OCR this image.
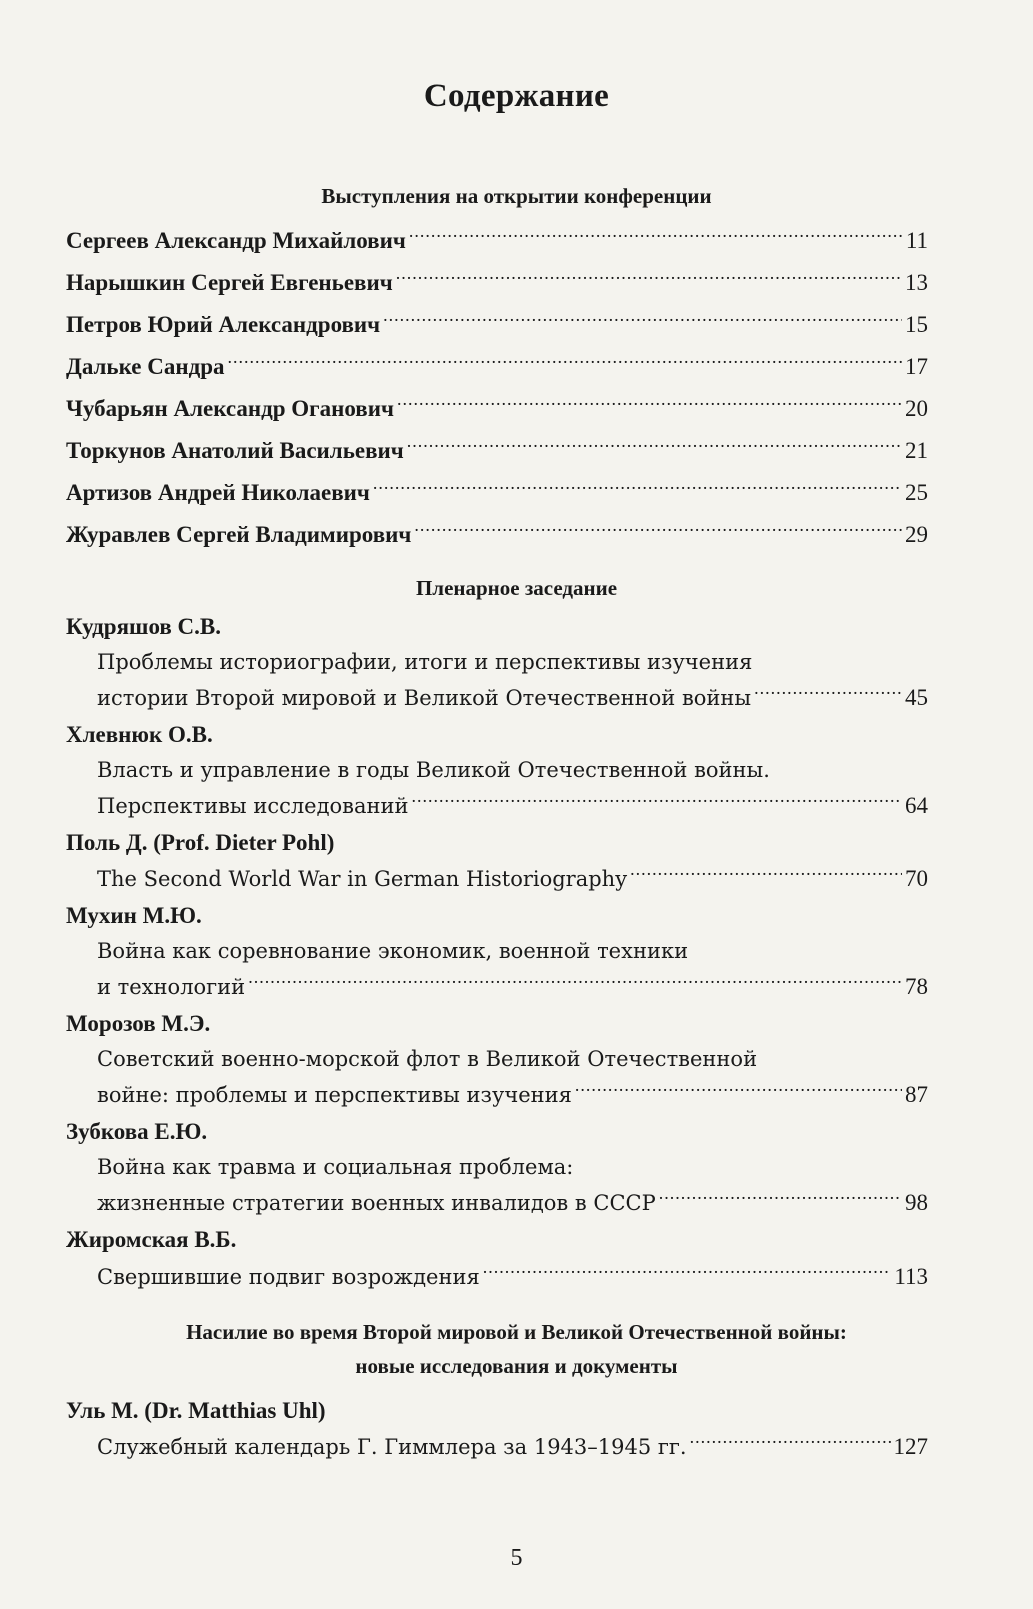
Содержание
Выступления на открытии конференции
Сергеев Александр Михайлович .....	11
Нарышкин Сергей Евгеньевич .....	13
Петров Юрий Александрович .....	15
Дальке Сандра .....	17
Чубарьян Александр Оганович .....	20
Торкунов Анатолий Васильевич .....	21
Артизов Андрей Николаевич .....	25
Журавлев Сергей Владимирович .....	29
Пленарное заседание
Кудряшов С.В.
Проблемы историографии, итоги и перспективы изучения
истории Второй мировой и Великой Отечественной войны .....	45
Хлевнюк О.В.
Власть и управление в годы Великой Отечественной войны.
Перспективы исследований .....	64
Поль Д. (Prof. Dieter Pohl)
The Second World War in German Historiography .....	70
Мухин М.Ю.
Война как соревнование экономик, военной техники
и технологий .....	78
Морозов М.Э.
Советский военно-морской флот в Великой Отечественной
войне: проблемы и перспективы изучения .....	87
Зубкова Е.Ю.
Война как травма и социальная проблема:
жизненные стратегии военных инвалидов в СССР .....	98
Жиромская В.Б.
Свершившие подвиг возрождения .....	113
Насилие во время Второй мировой и Великой Отечественной войны:
новые исследования и документы
Уль М. (Dr. Matthias Uhl)
Служебный календарь Г. Гиммлера за 1943–1945 гг. .....	127
5
